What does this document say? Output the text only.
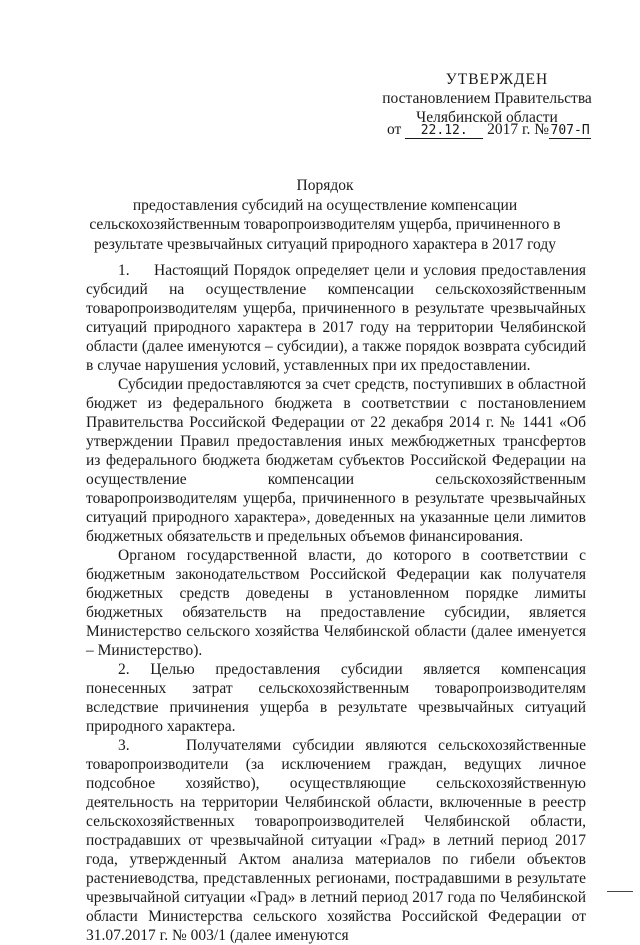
УТВЕРЖДЕН
постановлением Правительства
Челябинской области
от 22.12. 2017 г. №707-П
Порядок
предоставления субсидий на осуществление компенсации
сельскохозяйственным товаропроизводителям ущерба, причиненного в
результате чрезвычайных ситуаций природного характера в 2017 году

1.     Настоящий Порядок определяет цели и условия предоставления субсидий на осуществление компенсации сельскохозяйственным товаропроизводителям ущерба, причиненного в результате чрезвычайных ситуаций природного характера в 2017 году на территории Челябинской области (далее именуются – субсидии), а также порядок возврата субсидий в случае нарушения условий, уставленных при их предоставлении.

Субсидии предоставляются за счет средств, поступивших в областной бюджет из федерального бюджета в соответствии с постановлением Правительства Российской Федерации от 22 декабря 2014 г. № 1441 «Об утверждении Правил предоставления иных межбюджетных трансфертов из федерального бюджета бюджетам субъектов Российской Федерации на осуществление компенсации сельскохозяйственным товаропроизводителям ущерба, причиненного в результате чрезвычайных ситуаций природного характера», доведенных на указанные цели лимитов бюджетных обязательств и предельных объемов финансирования.

Органом государственной власти, до которого в соответствии с бюджетным законодательством Российской Федерации как получателя бюджетных средств доведены в установленном порядке лимиты бюджетных обязательств на предоставление субсидии, является Министерство сельского хозяйства Челябинской области (далее именуется – Министерство).

2. Целью предоставления субсидии является компенсация понесенных затрат сельскохозяйственным товаропроизводителям вследствие причинения ущерба в результате чрезвычайных ситуаций природного характера.

3.     Получателями субсидии являются сельскохозяйственные товаропроизводители (за исключением граждан, ведущих личное подсобное хозяйство), осуществляющие сельскохозяйственную деятельность на территории Челябинской области, включенные в реестр сельскохозяйственных товаропроизводителей Челябинской области, пострадавших от чрезвычайной ситуации «Град» в летний период 2017 года, утвержденный Актом анализа материалов по гибели объектов растениеводства, представленных регионами, пострадавшими в результате чрезвычайной ситуации «Град» в летний период 2017 года по Челябинской области Министерства сельского хозяйства Российской Федерации от 31.07.2017 г. № 003/1 (далее именуются
